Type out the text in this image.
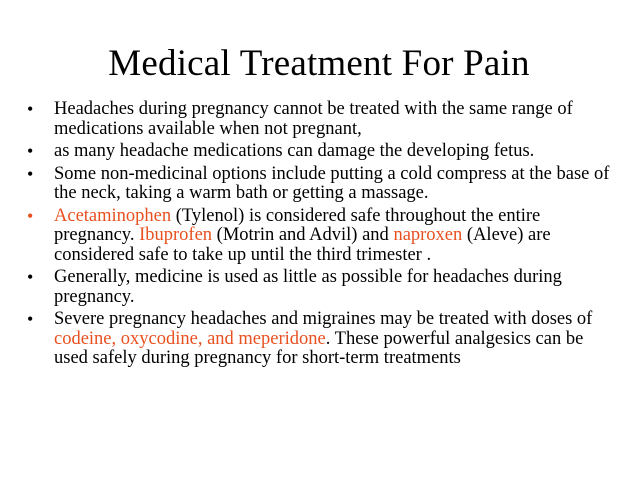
Medical Treatment For Pain
•	Headaches during pregnancy cannot be treated with the same range of medications available when not pregnant,
•	as many headache medications can damage the developing fetus.
•	Some non-medicinal options include putting a cold compress at the base of the neck, taking a warm bath or getting a massage.
•	Acetaminophen (Tylenol) is considered safe throughout the entire pregnancy. Ibuprofen (Motrin and Advil) and naproxen (Aleve) are considered safe to take up until the third trimester .
•	Generally, medicine is used as little as possible for headaches during pregnancy.
•	Severe pregnancy headaches and migraines may be treated with doses of codeine, oxycodine, and meperidone. These powerful analgesics can be used safely during pregnancy for short-term treatments
